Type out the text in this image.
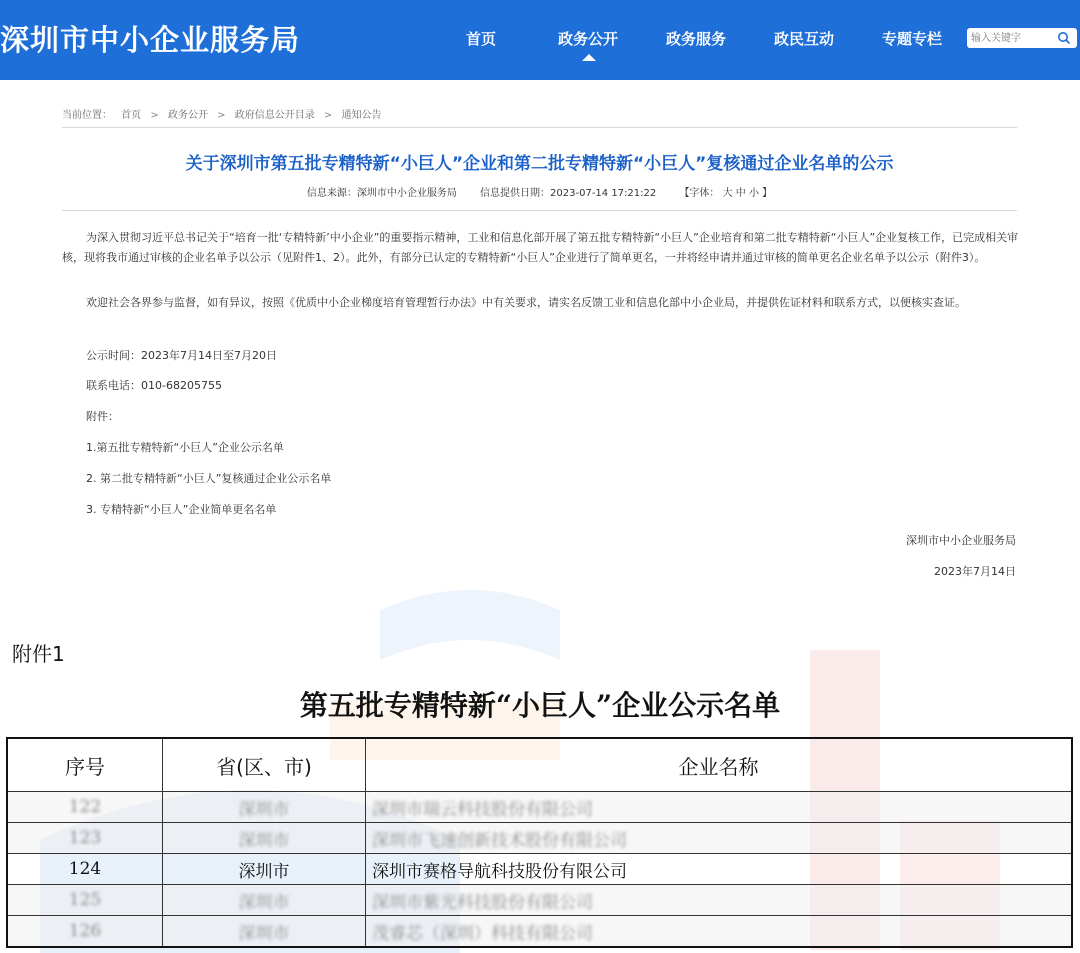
深圳市中小企业服务局	首页	政务公开	政务服务	政民互动	专题专栏
输入关键字
当前位置： 首页 > 政务公开 > 政府信息公开目录 > 通知公告
关于深圳市第五批专精特新“小巨人”企业和第二批专精特新“小巨人”复核通过企业名单的公示
信息来源：深圳市中小企业服务局 信息提供日期：2023-07-14 17:21:22 【字体： 大 中 小 】
为深入贯彻习近平总书记关于“培育一批‘专精特新’中小企业”的重要指示精神，工业和信息化部开展了第五批专精特新“小巨人”企业培育和第二批专精特新“小巨人”企业复核工作，已完成相关审核，现将我市通过审核的企业名单予以公示（见附件1、2）。此外，有部分已认定的专精特新“小巨人”企业进行了简单更名，一并将经申请并通过审核的简单更名企业名单予以公示（附件3）。
欢迎社会各界参与监督，如有异议，按照《优质中小企业梯度培育管理暂行办法》中有关要求，请实名反馈工业和信息化部中小企业局，并提供佐证材料和联系方式，以便核实查证。
公示时间：2023年7月14日至7月20日
联系电话：010-68205755
附件：
1.第五批专精特新“小巨人”企业公示名单
2. 第二批专精特新“小巨人”复核通过企业公示名单
3. 专精特新“小巨人”企业简单更名名单
深圳市中小企业服务局
2023年7月14日
附件1
第五批专精特新“小巨人”企业公示名单
序号	省(区、市)	企业名称
122	深圳市	深圳市瑞云科技股份有限公司
123	深圳市	深圳市飞速创新技术股份有限公司
124	深圳市	深圳市赛格导航科技股份有限公司
125	深圳市	深圳市紫光科技股份有限公司
126	深圳市	茂睿芯（深圳）科技有限公司
